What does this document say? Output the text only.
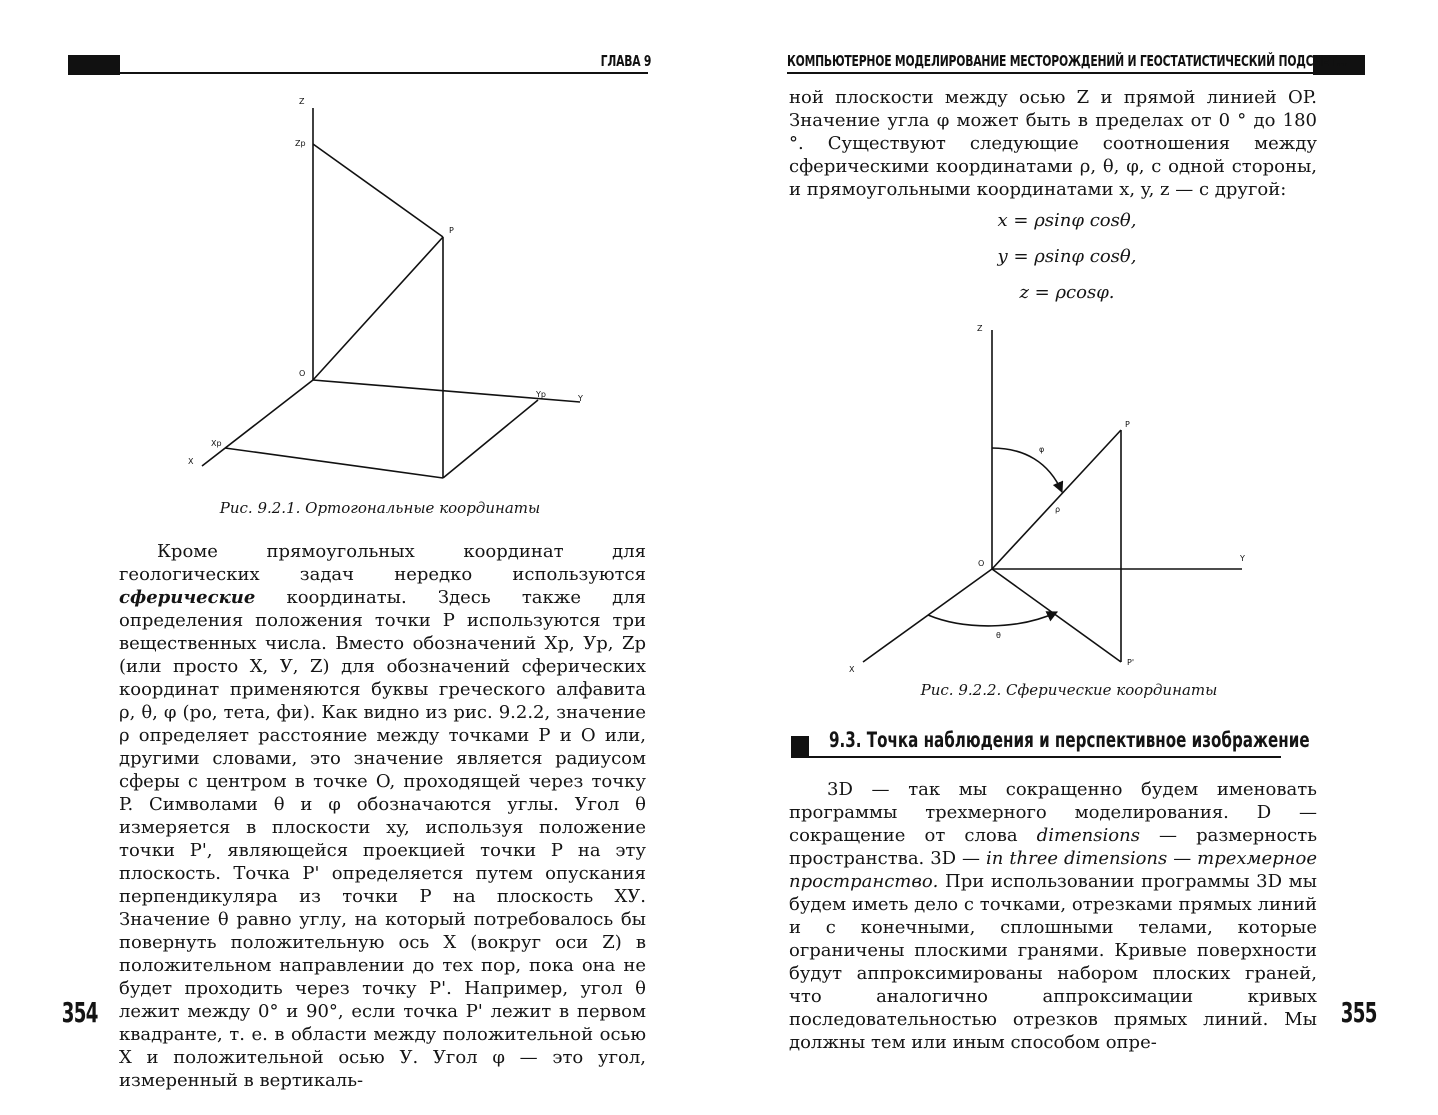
ГЛАВА 9
Z
Zp
P
O
Yp	Y
Xp
X
Рис. 9.2.1. Ортогональные координаты

Кроме прямоугольных координат для геологических задач нередко используются сферические координаты. Здесь также для определения положения точки P используются три вещественных числа. Вместо обозначений Xp, Уp, Zp (или просто X, У, Z) для обозначений сферических координат применяются буквы греческого алфавита ρ, θ, φ (ро, тета, фи). Как видно из рис. 9.2.2, значение ρ определяет расстояние между точками P и O или, другими словами, это значение является радиусом сферы с центром в точке O, проходящей через точку P. Символами θ и φ обозначаются углы. Угол θ измеряется в плоскости xy, используя положение точки P', являющейся проекцией точки P на эту плоскость. Точка P' определяется путем опускания перпендикуляра из точки P на плоскость XУ. Значение θ равно углу, на который потребовалось бы повернуть положительную ось X (вокруг оси Z) в положительном направлении до тех пор, пока она не будет проходить через точку P'. Например, угол θ лежит между 0° и 90°, если точка P' лежит в первом квадранте, т. е. в области между положительной осью X и положительной осью У. Угол φ — это угол, измеренный в вертикаль-

354
КОМПЬЮТЕРНОЕ МОДЕЛИРОВАНИЕ МЕСТОРОЖДЕНИЙ И ГЕОСТАТИСТИЧЕСКИЙ ПОДСЧЕТ...

ной плоскости между осью Z и прямой линией OP. Значение угла φ может быть в пределах от 0 ° до 180 °. Существуют следующие соотношения между сферическими координатами ρ, θ, φ, с одной стороны, и прямоугольными координатами x, y, z — с другой:

x = ρsinφ cosθ,
y = ρsinφ cosθ,
z = ρcosφ.
Z
P
φ
ρ
O
Y
θ
X
P'
Рис. 9.2.2. Сферические координаты
9.3. Точка наблюдения и перспективное изображение

3D — так мы сокращенно будем именовать программы трехмерного моделирования. D — сокращение от слова dimensions — размерность пространства. 3D — in three dimensions — трехмерное пространство. При использовании программы 3D мы будем иметь дело с точками, отрезками прямых линий и с конечными, сплошными телами, которые ограничены плоскими гранями. Кривые поверхности будут аппроксимированы набором плоских граней, что аналогично аппроксимации кривых последовательностью отрезков прямых линий. Мы должны тем или иным способом опре-

355
